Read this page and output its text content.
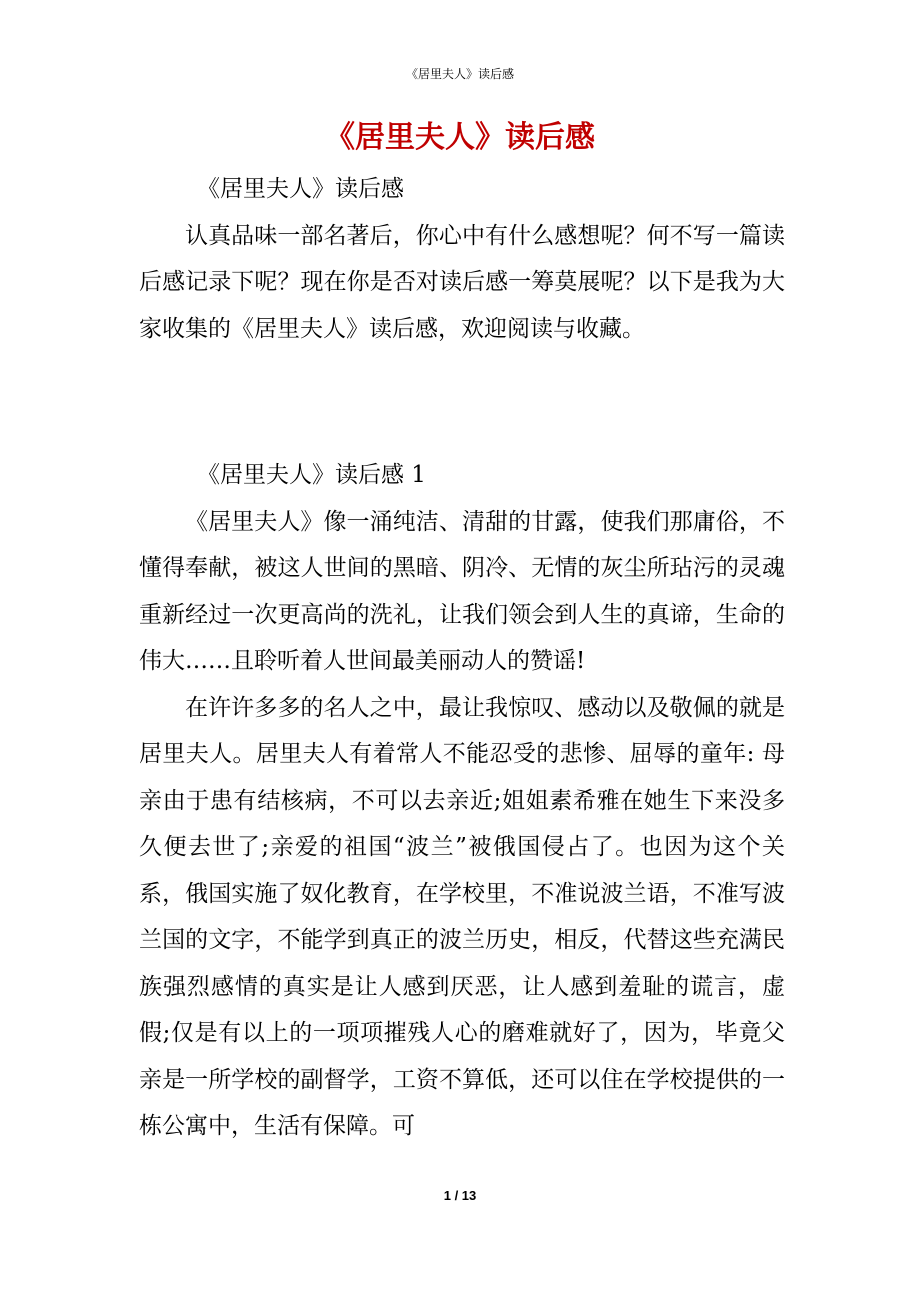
《居里夫人》读后感
《居里夫人》读后感

《居里夫人》读后感

认真品味一部名著后，你心中有什么感想呢？何不写一篇读后感记录下呢？现在你是否对读后感一筹莫展呢？以下是我为大家收集的《居里夫人》读后感，欢迎阅读与收藏。

《居里夫人》读后感 1

《居里夫人》像一涌纯洁、清甜的甘露，使我们那庸俗，不懂得奉献，被这人世间的黑暗、阴冷、无情的灰尘所玷污的灵魂重新经过一次更高尚的洗礼，让我们领会到人生的真谛，生命的伟大……且聆听着人世间最美丽动人的赞谣!

在许许多多的名人之中，最让我惊叹、感动以及敬佩的就是居里夫人。居里夫人有着常人不能忍受的悲惨、屈辱的童年: 母亲由于患有结核病，不可以去亲近;姐姐素希雅在她生下来没多久便去世了;亲爱的祖国“波兰”被俄国侵占了。也因为这个关系，俄国实施了奴化教育，在学校里，不准说波兰语，不准写波兰国的文字，不能学到真正的波兰历史，相反，代替这些充满民族强烈感情的真实是让人感到厌恶，让人感到羞耻的谎言，虚假;仅是有以上的一项项摧残人心的磨难就好了，因为，毕竟父亲是一所学校的副督学，工资不算低，还可以住在学校提供的一栋公寓中，生活有保障。可

1 / 13
